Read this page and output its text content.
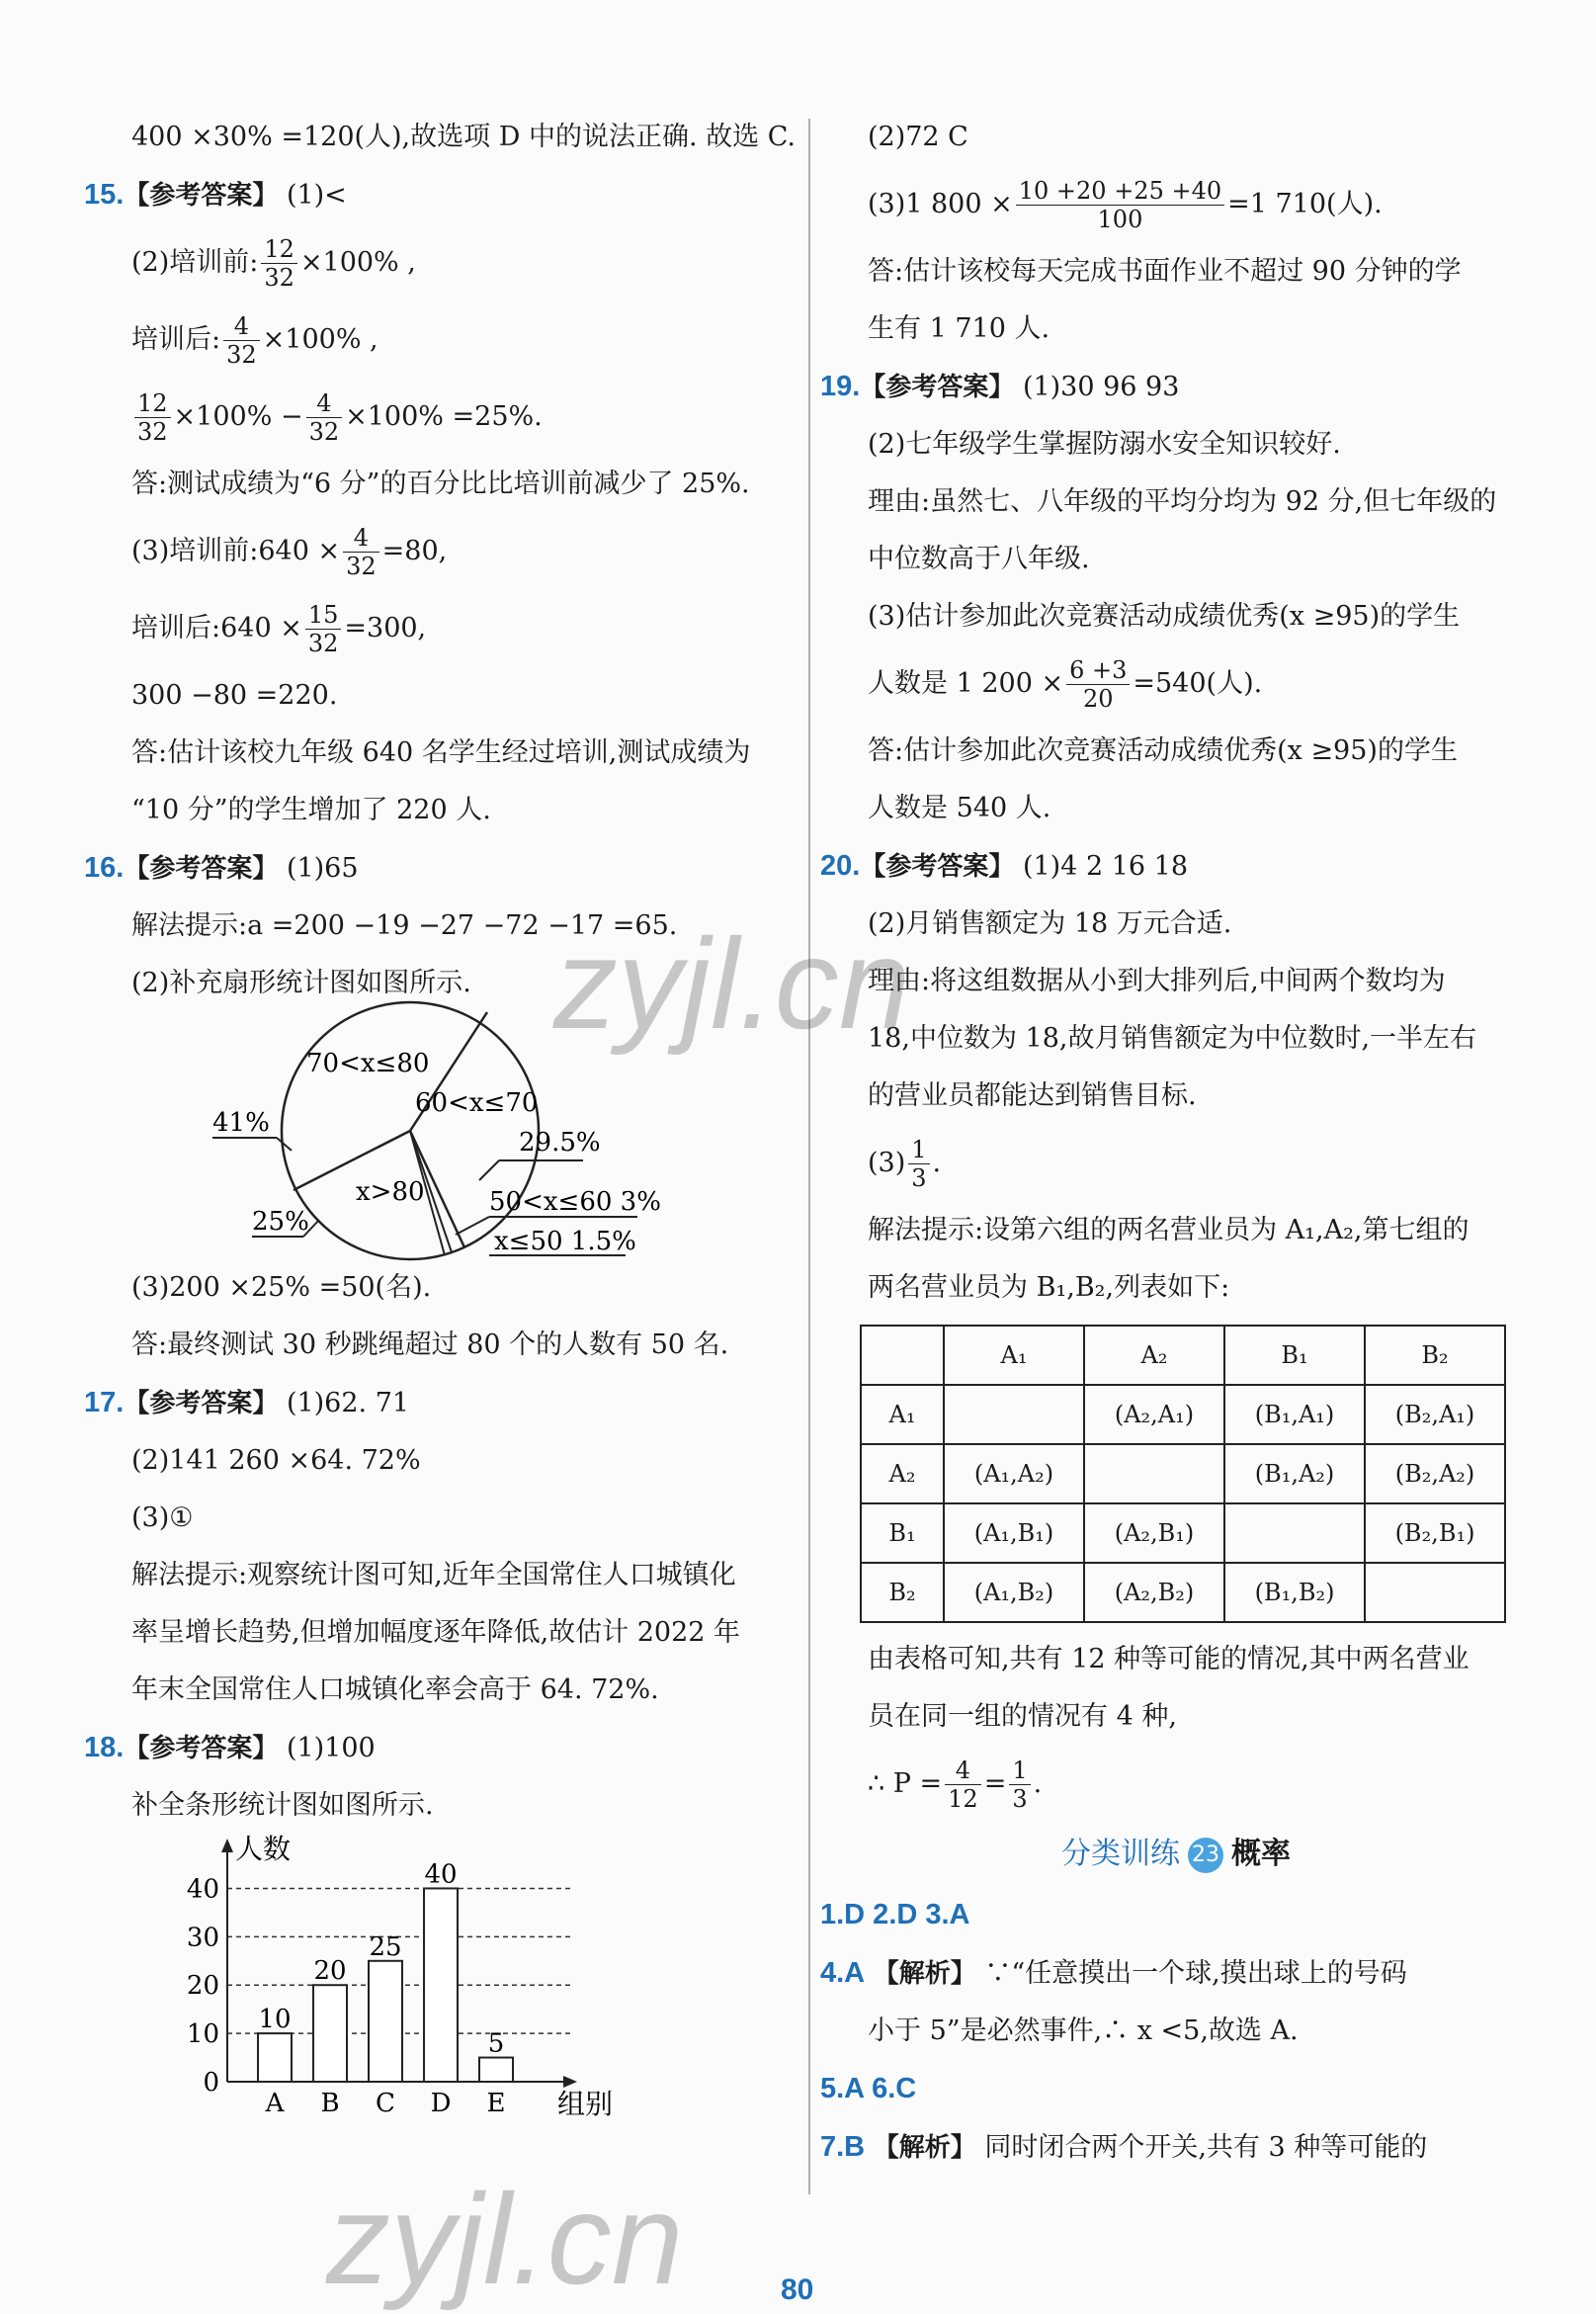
400 ×30% =120(人),故选项 D 中的说法正确. 故选 C.
15.【参考答案】 (1)<
(2)培训前: $\frac{12}{32} \times 100\%$ ,
培训后: $\frac{4}{32} \times 100\%$ ,
$\frac{12}{32} \times 100\% - \frac{4}{32} \times 100\% =25\%$.
答:测试成绩为“6 分”的百分比比培训前减少了 25%.
(3)培训前:640 × $\frac{4}{32} =80$,
培训后:640 × $\frac{15}{32} =300$,
300 −80 =220.
答:估计该校九年级 640 名学生经过培训,测试成绩为
“10 分”的学生增加了 220 人.
16.【参考答案】 (1)65
解法提示:a =200 −19 −27 −72 −17 =65.
(2)补充扇形统计图如图所示.
70<x≤80
60<x≤70
41%
29.5%
x>80	50<x≤60 3%
25%
x≤50 1.5%
(3)200 ×25% =50(名).
答:最终测试 30 秒跳绳超过 80 个的人数有 50 名.
17.【参考答案】 (1)62. 71
(2)141 260 ×64. 72%
(3)①
解法提示:观察统计图可知,近年全国常住人口城镇化
率呈增长趋势,但增加幅度逐年降低,故估计 2022 年
年末全国常住人口城镇化率会高于 64. 72%.
18.【参考答案】 (1)100
补全条形统计图如图所示.
0
10
20
30
40
人数
组别
10
A
20
B
25
C
40
D
5
E
(2)72 C
(3)1 $800 \times \frac{10 +20 +25 +40}{100} =1$ 710(人).
答:估计该校每天完成书面作业不超过 90 分钟的学
生有 1 710 人.
19.【参考答案】 (1)30 96 93
(2)七年级学生掌握防溺水安全知识较好.
理由:虽然七、八年级的平均分均为 92 分,但七年级的
中位数高于八年级.
(3)估计参加此次竞赛活动成绩优秀(x ≥95)的学生
人数是 1 $200 \times \frac{6 +3}{20} =540$(人).
答:估计参加此次竞赛活动成绩优秀(x ≥95)的学生
人数是 540 人.
20.【参考答案】 (1)4 2 16 18
(2)月销售额定为 18 万元合适.
理由:将这组数据从小到大排列后,中间两个数均为
18,中位数为 18,故月销售额定为中位数时,一半左右
的营业员都能达到销售目标.
$(3) \frac{1}{3}$ .
解法提示:设第六组的两名营业员为 A₁,A₂,第七组的
两名营业员为 B₁,B₂,列表如下:
	A₁	A₂	B₁	B₂
A₁		(A₂,A₁)	(B₁,A₁)	(B₂,A₁)
A₂	(A₁,A₂)		(B₁,A₂)	(B₂,A₂)
B₁	(A₁,B₁)	(A₂,B₁)		(B₂,B₁)
B₂	(A₁,B₂)	(A₂,B₂)	(B₁,B₂)	
由表格可知,共有 12 种等可能的情况,其中两名营业
员在同一组的情况有 4 种,
∴ $P = \frac{4}{12} = \frac{1}{3}$ .
分类训练 23 概率
1.D 2.D 3.A
4.A 【解析】 ∵“任意摸出一个球,摸出球上的号码
小于 5”是必然事件,∴ x <5,故选 A.
5.A 6.C
7.B 【解析】 同时闭合两个开关,共有 3 种等可能的
zyjl.cn
zyjl.cn	80
